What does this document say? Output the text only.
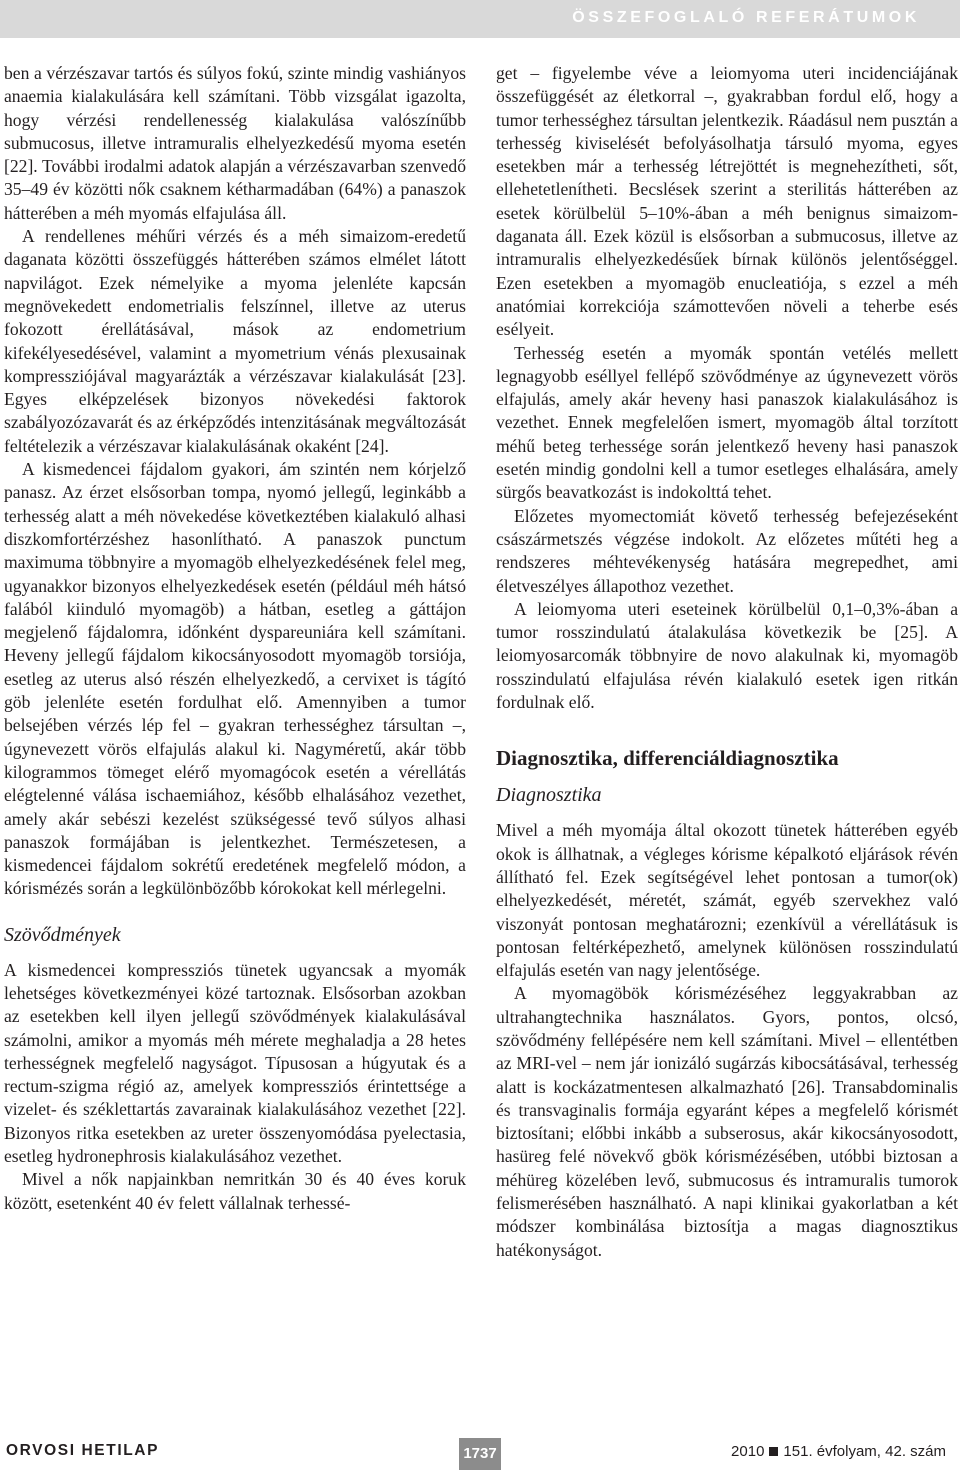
ÖSSZEFOGLALÓ REFERÁTUMOK

ben a vérzészavar tartós és súlyos fokú, szinte mindig vashiányos anaemia kialakulására kell számítani. Több vizsgálat igazolta, hogy vérzési rendellenesség kialakulása valószínűbb submucosus, illetve intramuralis elhelyezkedésű myoma esetén [22]. További irodalmi adatok alapján a vérzészavarban szenvedő 35–49 év közötti nők csaknem kétharmadában (64%) a panaszok hátterében a méh myomás elfajulása áll.

A rendellenes méhűri vérzés és a méh simaizom-eredetű daganata közötti összefüggés hátterében számos elmélet látott napvilágot. Ezek némelyike a myoma jelenléte kapcsán megnövekedett endometrialis felszínnel, illetve az uterus fokozott érellátásával, mások az endometrium kifekélyesedésével, valamint a myometrium vénás plexusainak kompressziójával magyarázták a vérzészavar kialakulását [23]. Egyes elképzelések bizonyos növekedési faktorok szabályozózavarát és az érképződés intenzitásának megváltozását feltételezik a vérzészavar kialakulásának okaként [24].

A kismedencei fájdalom gyakori, ám szintén nem kórjelző panasz. Az érzet elsősorban tompa, nyomó jellegű, leginkább a terhesség alatt a méh növekedése következtében kialakuló alhasi diszkomfortérzéshez hasonlítható. A panaszok punctum maximuma többnyire a myomagöb elhelyezkedésének felel meg, ugyanakkor bizonyos elhelyezkedések esetén (például méh hátsó falából kiinduló myomagöb) a hátban, esetleg a gáttájon megjelenő fájdalomra, időnként dyspareuniára kell számítani. Heveny jellegű fájdalom kikocsányosodott myomagöb torsiója, esetleg az uterus alsó részén elhelyezkedő, a cervixet is tágító göb jelenléte esetén fordulhat elő. Amennyiben a tumor belsejében vérzés lép fel – gyakran terhességhez társultan –, úgynevezett vörös elfajulás alakul ki. Nagyméretű, akár több kilogrammos tömeget elérő myomagócok esetén a vérellátás elégtelenné válása ischaemiához, később elhalásához vezethet, amely akár sebészi kezelést szükségessé tevő súlyos alhasi panaszok formájában is jelentkezhet. Természetesen, a kismedencei fájdalom sokrétű eredetének megfelelő módon, a kórismézés során a legkülönbözőbb kórokokat kell mérlegelni.

Szövődmények

A kismedencei kompressziós tünetek ugyancsak a myomák lehetséges következményei közé tartoznak. Elsősorban azokban az esetekben kell ilyen jellegű szövődmények kialakulásával számolni, amikor a myomás méh mérete meghaladja a 28 hetes terhességnek megfelelő nagyságot. Típusosan a húgyutak és a rectum-szigma régió az, amelyek kompressziós érintettsége a vizelet- és széklettartás zavarainak kialakulásához vezethet [22]. Bizonyos ritka esetekben az ureter összenyomódása pyelectasia, esetleg hydronephrosis kialakulásához vezethet.

Mivel a nők napjainkban nemritkán 30 és 40 éves koruk között, esetenként 40 év felett vállalnak terhessé-

get – figyelembe véve a leiomyoma uteri incidenciájának összefüggését az életkorral –, gyakrabban fordul elő, hogy a tumor terhességhez társultan jelentkezik. Ráadásul nem pusztán a terhesség kiviselését befolyásolhatja társuló myoma, egyes esetekben már a terhesség létrejöttét is megnehezítheti, sőt, ellehetetlenítheti. Becslések szerint a sterilitás hátterében az esetek körülbelül 5–10%-ában a méh benignus simaizom-daganata áll. Ezek közül is elsősorban a submucosus, illetve az intramuralis elhelyezkedésűek bírnak különös jelentőséggel. Ezen esetekben a myomagöb enucleatiója, s ezzel a méh anatómiai korrekciója számottevően növeli a teherbe esés esélyeit.

Terhesség esetén a myomák spontán vetélés mellett legnagyobb eséllyel fellépő szövődménye az úgynevezett vörös elfajulás, amely akár heveny hasi panaszok kialakulásához is vezethet. Ennek megfelelően ismert, myomagöb által torzított méhű beteg terhessége során jelentkező heveny hasi panaszok esetén mindig gondolni kell a tumor esetleges elhalására, amely sürgős beavatkozást is indokolttá tehet.

Előzetes myomectomiát követő terhesség befejezéseként császármetszés végzése indokolt. Az előzetes műtéti heg a rendszeres méhtevékenység hatására megrepedhet, ami életveszélyes állapothoz vezethet.

A leiomyoma uteri eseteinek körülbelül 0,1–0,3%-ában a tumor rosszindulatú átalakulása következik be [25]. A leiomyosarcomák többnyire de novo alakulnak ki, myomagöb rosszindulatú elfajulása révén kialakuló esetek igen ritkán fordulnak elő.

Diagnosztika, differenciáldiagnosztika
Diagnosztika

Mivel a méh myomája által okozott tünetek hátterében egyéb okok is állhatnak, a végleges kórisme képalkotó eljárások révén állítható fel. Ezek segítségével lehet pontosan a tumor(ok) elhelyezkedését, méretét, számát, egyéb szervekhez való viszonyát pontosan meghatározni; ezenkívül a vérellátásuk is pontosan feltérképezhető, amelynek különösen rosszindulatú elfajulás esetén van nagy jelentősége.

A myomagöbök kórismézéséhez leggyakrabban az ultrahangtechnika használatos. Gyors, pontos, olcsó, szövődmény fellépésére nem kell számítani. Mivel – ellentétben az MRI-vel – nem jár ionizáló sugárzás kibocsátásával, terhesség alatt is kockázatmentesen alkalmazható [26]. Transabdominalis és transvaginalis formája egyaránt képes a megfelelő kórismét biztosítani; előbbi inkább a subserosus, akár kikocsányosodott, hasüreg felé növekvő gbök kórismézésében, utóbbi biztosan a méhüreg közelében levő, submucosus és intramuralis tumorok felismerésében használható. A napi klinikai gyakorlatban a két módszer kombinálása biztosítja a magas diagnosztikus hatékonyságot.

ORVOSI HETILAP	1737	2010 151. évfolyam, 42. szám
